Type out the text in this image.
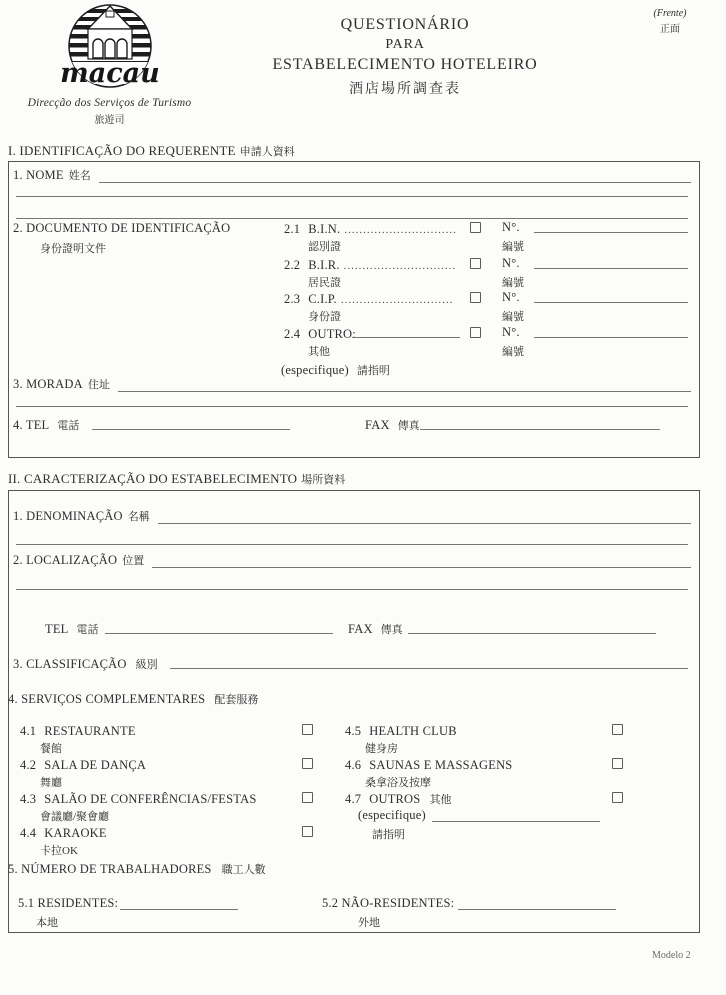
macau
Direcção dos Serviços de Turismo
旅遊司
QUESTIONÁRIO
PARA
ESTABELECIMENTO HOTELEIRO
酒店場所調查表
(Frente)
正面
I. IDENTIFICAÇÃO DO REQUERENTE 申請人資料
1. NOME 姓名
2. DOCUMENTO DE IDENTIFICAÇÃO
身份證明文件
2.1 B.I.N. ..............................
認別證
N°.
編號
2.2 B.I.R. ..............................
居民證
N°.
編號
2.3 C.I.P. ..............................
身份證
N°.
編號
2.4 OUTRO:
其他
N°.
編號
(especifique) 請指明
3. MORADA 住址
4. TEL 電話	FAX 傳真
II. CARACTERIZAÇÃO DO ESTABELECIMENTO 場所資料
1. DENOMINAÇÃO 名稱
2. LOCALIZAÇÃO 位置
TEL 電話	FAX 傳真
3. CLASSIFICAÇÃO 級別
4. SERVIÇOS COMPLEMENTARES 配套服務
4.1 RESTAURANTE
餐館
4.2 SALA DE DANÇA
舞廳
4.3 SALÃO DE CONFERÊNCIAS/FESTAS
會議廳/聚會廳
4.4 KARAOKE
卡拉OK
4.5 HEALTH CLUB
健身房
4.6 SAUNAS E MASSAGENS
桑拿浴及按摩
4.7 OUTROS 其他
(especifique)
請指明
5. NÚMERO DE TRABALHADORES 職工人數
5.1 RESIDENTES:
本地
5.2 NÃO-RESIDENTES:
外地
Modelo 2
